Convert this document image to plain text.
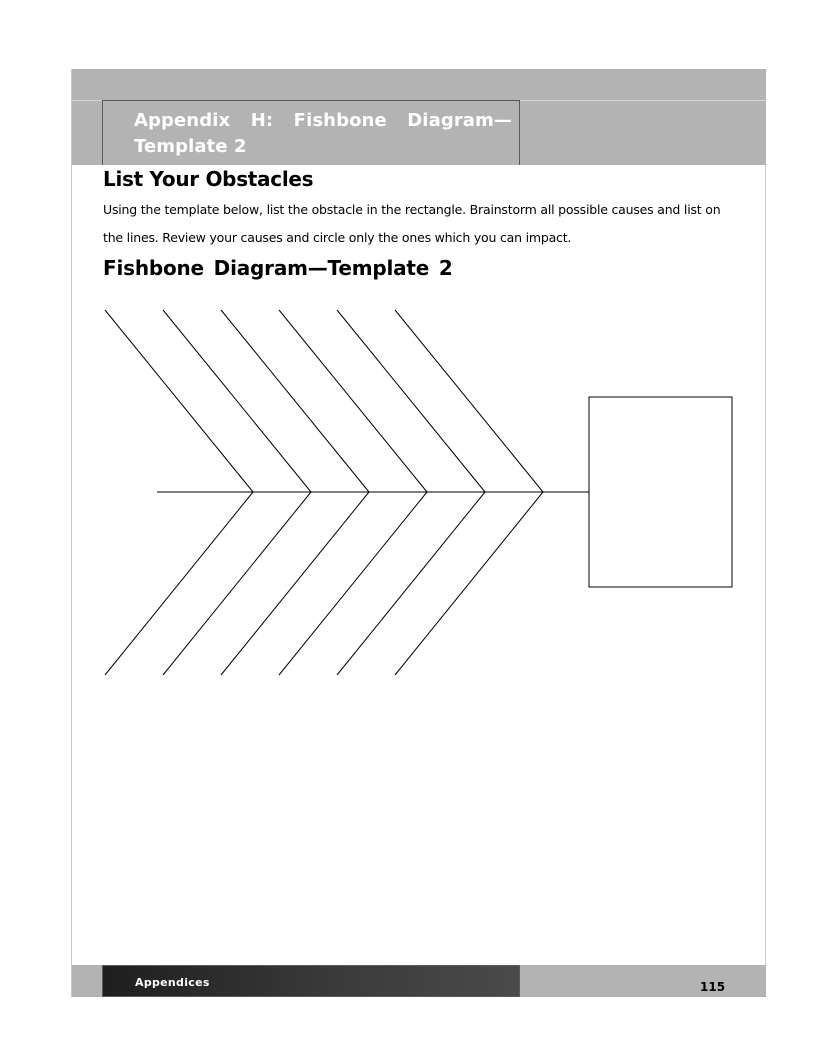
Appendix H: Fishbone Diagram— Template 2
List Your Obstacles

Using the template below, list the obstacle in the rectangle. Brainstorm all possible causes and list on the lines. Review your causes and circle only the ones which you can impact.

Fishbone Diagram—Template 2
Appendices	115
